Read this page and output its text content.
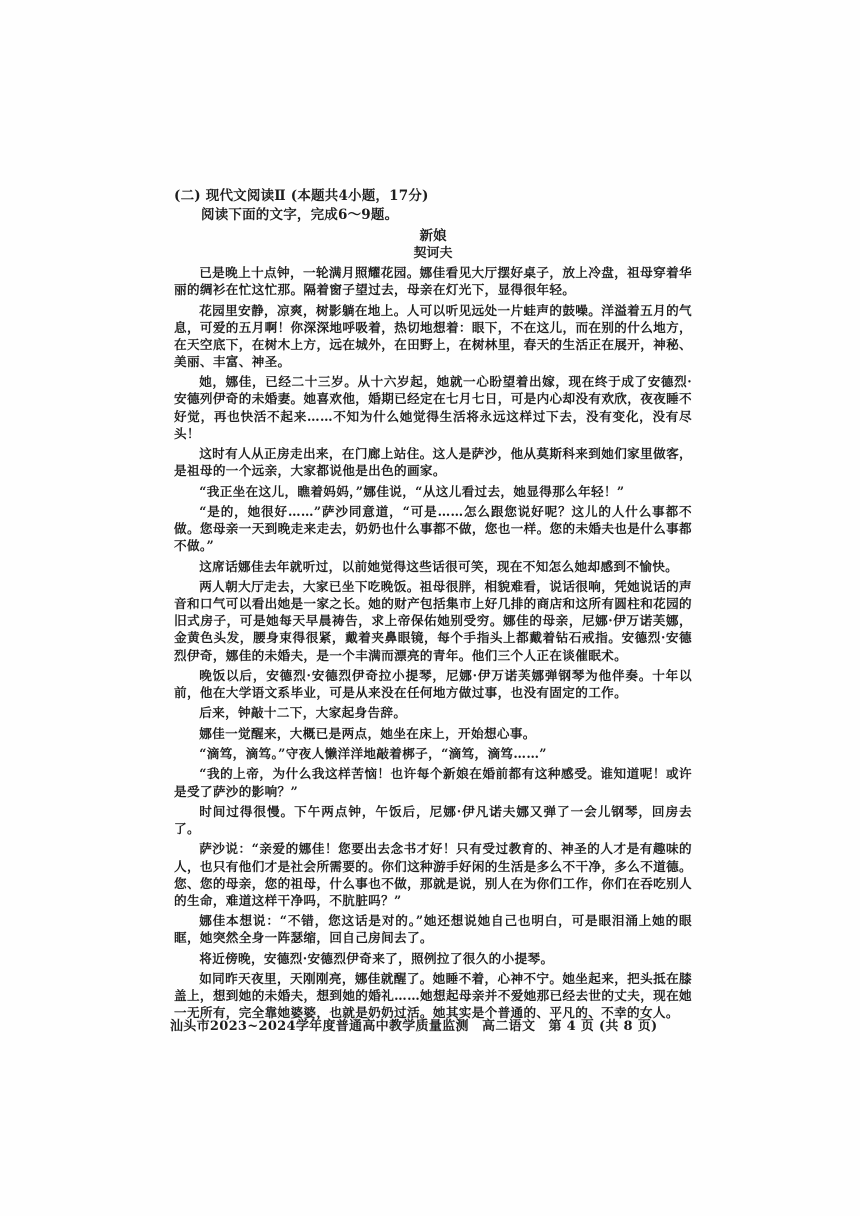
(二) 现代文阅读Ⅱ (本题共4小题，17分)

阅读下面的文字，完成6～9题。

新娘

契诃夫

已是晚上十点钟，一轮满月照耀花园。娜佳看见大厅摆好桌子，放上冷盘，祖母穿着华丽的绸衫在忙这忙那。隔着窗子望过去，母亲在灯光下，显得很年轻。

花园里安静，凉爽，树影躺在地上。人可以听见远处一片蛙声的鼓噪。洋溢着五月的气息，可爱的五月啊！你深深地呼吸着，热切地想着：眼下，不在这儿，而在别的什么地方，在天空底下，在树木上方，远在城外，在田野上，在树林里，春天的生活正在展开，神秘、美丽、丰富、神圣。

她，娜佳，已经二十三岁。从十六岁起，她就一心盼望着出嫁，现在终于成了安德烈·安德列伊奇的未婚妻。她喜欢他，婚期已经定在七月七日，可是内心却没有欢欣，夜夜睡不好觉，再也快活不起来……不知为什么她觉得生活将永远这样过下去，没有变化，没有尽头！

这时有人从正房走出来，在门廊上站住。这人是萨沙，他从莫斯科来到她们家里做客，是祖母的一个远亲，大家都说他是出色的画家。

“我正坐在这儿，瞧着妈妈，”娜佳说，“从这儿看过去，她显得那么年轻！”

“是的，她很好……”萨沙同意道，“可是……怎么跟您说好呢？这儿的人什么事都不做。您母亲一天到晚走来走去，奶奶也什么事都不做，您也一样。您的未婚夫也是什么事都不做。”

这席话娜佳去年就听过，以前她觉得这些话很可笑，现在不知怎么她却感到不愉快。

两人朝大厅走去，大家已坐下吃晚饭。祖母很胖，相貌难看，说话很响，凭她说话的声音和口气可以看出她是一家之长。她的财产包括集市上好几排的商店和这所有圆柱和花园的旧式房子，可是她每天早晨祷告，求上帝保佑她别受穷。娜佳的母亲，尼娜·伊万诺芙娜，金黄色头发，腰身束得很紧，戴着夹鼻眼镜，每个手指头上都戴着钻石戒指。安德烈·安德烈伊奇，娜佳的未婚夫，是一个丰满而漂亮的青年。他们三个人正在谈催眠术。

晚饭以后，安德烈·安德烈伊奇拉小提琴，尼娜·伊万诺芙娜弹钢琴为他伴奏。十年以前，他在大学语文系毕业，可是从来没在任何地方做过事，也没有固定的工作。

后来，钟敲十二下，大家起身告辞。

娜佳一觉醒来，大概已是两点，她坐在床上，开始想心事。

“滴笃，滴笃。”守夜人懒洋洋地敲着梆子，“滴笃，滴笃……”

“我的上帝，为什么我这样苦恼！也许每个新娘在婚前都有这种感受。谁知道呢！或许是受了萨沙的影响？”

时间过得很慢。下午两点钟，午饭后，尼娜·伊凡诺夫娜又弹了一会儿钢琴，回房去了。

萨沙说：“亲爱的娜佳！您要出去念书才好！只有受过教育的、神圣的人才是有趣味的人，也只有他们才是社会所需要的。你们这种游手好闲的生活是多么不干净，多么不道德。您、您的母亲，您的祖母，什么事也不做，那就是说，别人在为你们工作，你们在吞吃别人的生命，难道这样干净吗，不肮脏吗？”

娜佳本想说：“不错，您这话是对的。”她还想说她自己也明白，可是眼泪涌上她的眼眶，她突然全身一阵瑟缩，回自己房间去了。

将近傍晚，安德烈·安德烈伊奇来了，照例拉了很久的小提琴。

如同昨天夜里，天刚刚亮，娜佳就醒了。她睡不着，心神不宁。她坐起来，把头抵在膝盖上，想到她的未婚夫，想到她的婚礼……她想起母亲并不爱她那已经去世的丈夫，现在她一无所有，完全靠她婆婆，也就是奶奶过活。她其实是个普通的、平凡的、不幸的女人。

汕头市2023~2024学年度普通高中教学质量监测　高二语文　第 4 页 (共 8 页)
